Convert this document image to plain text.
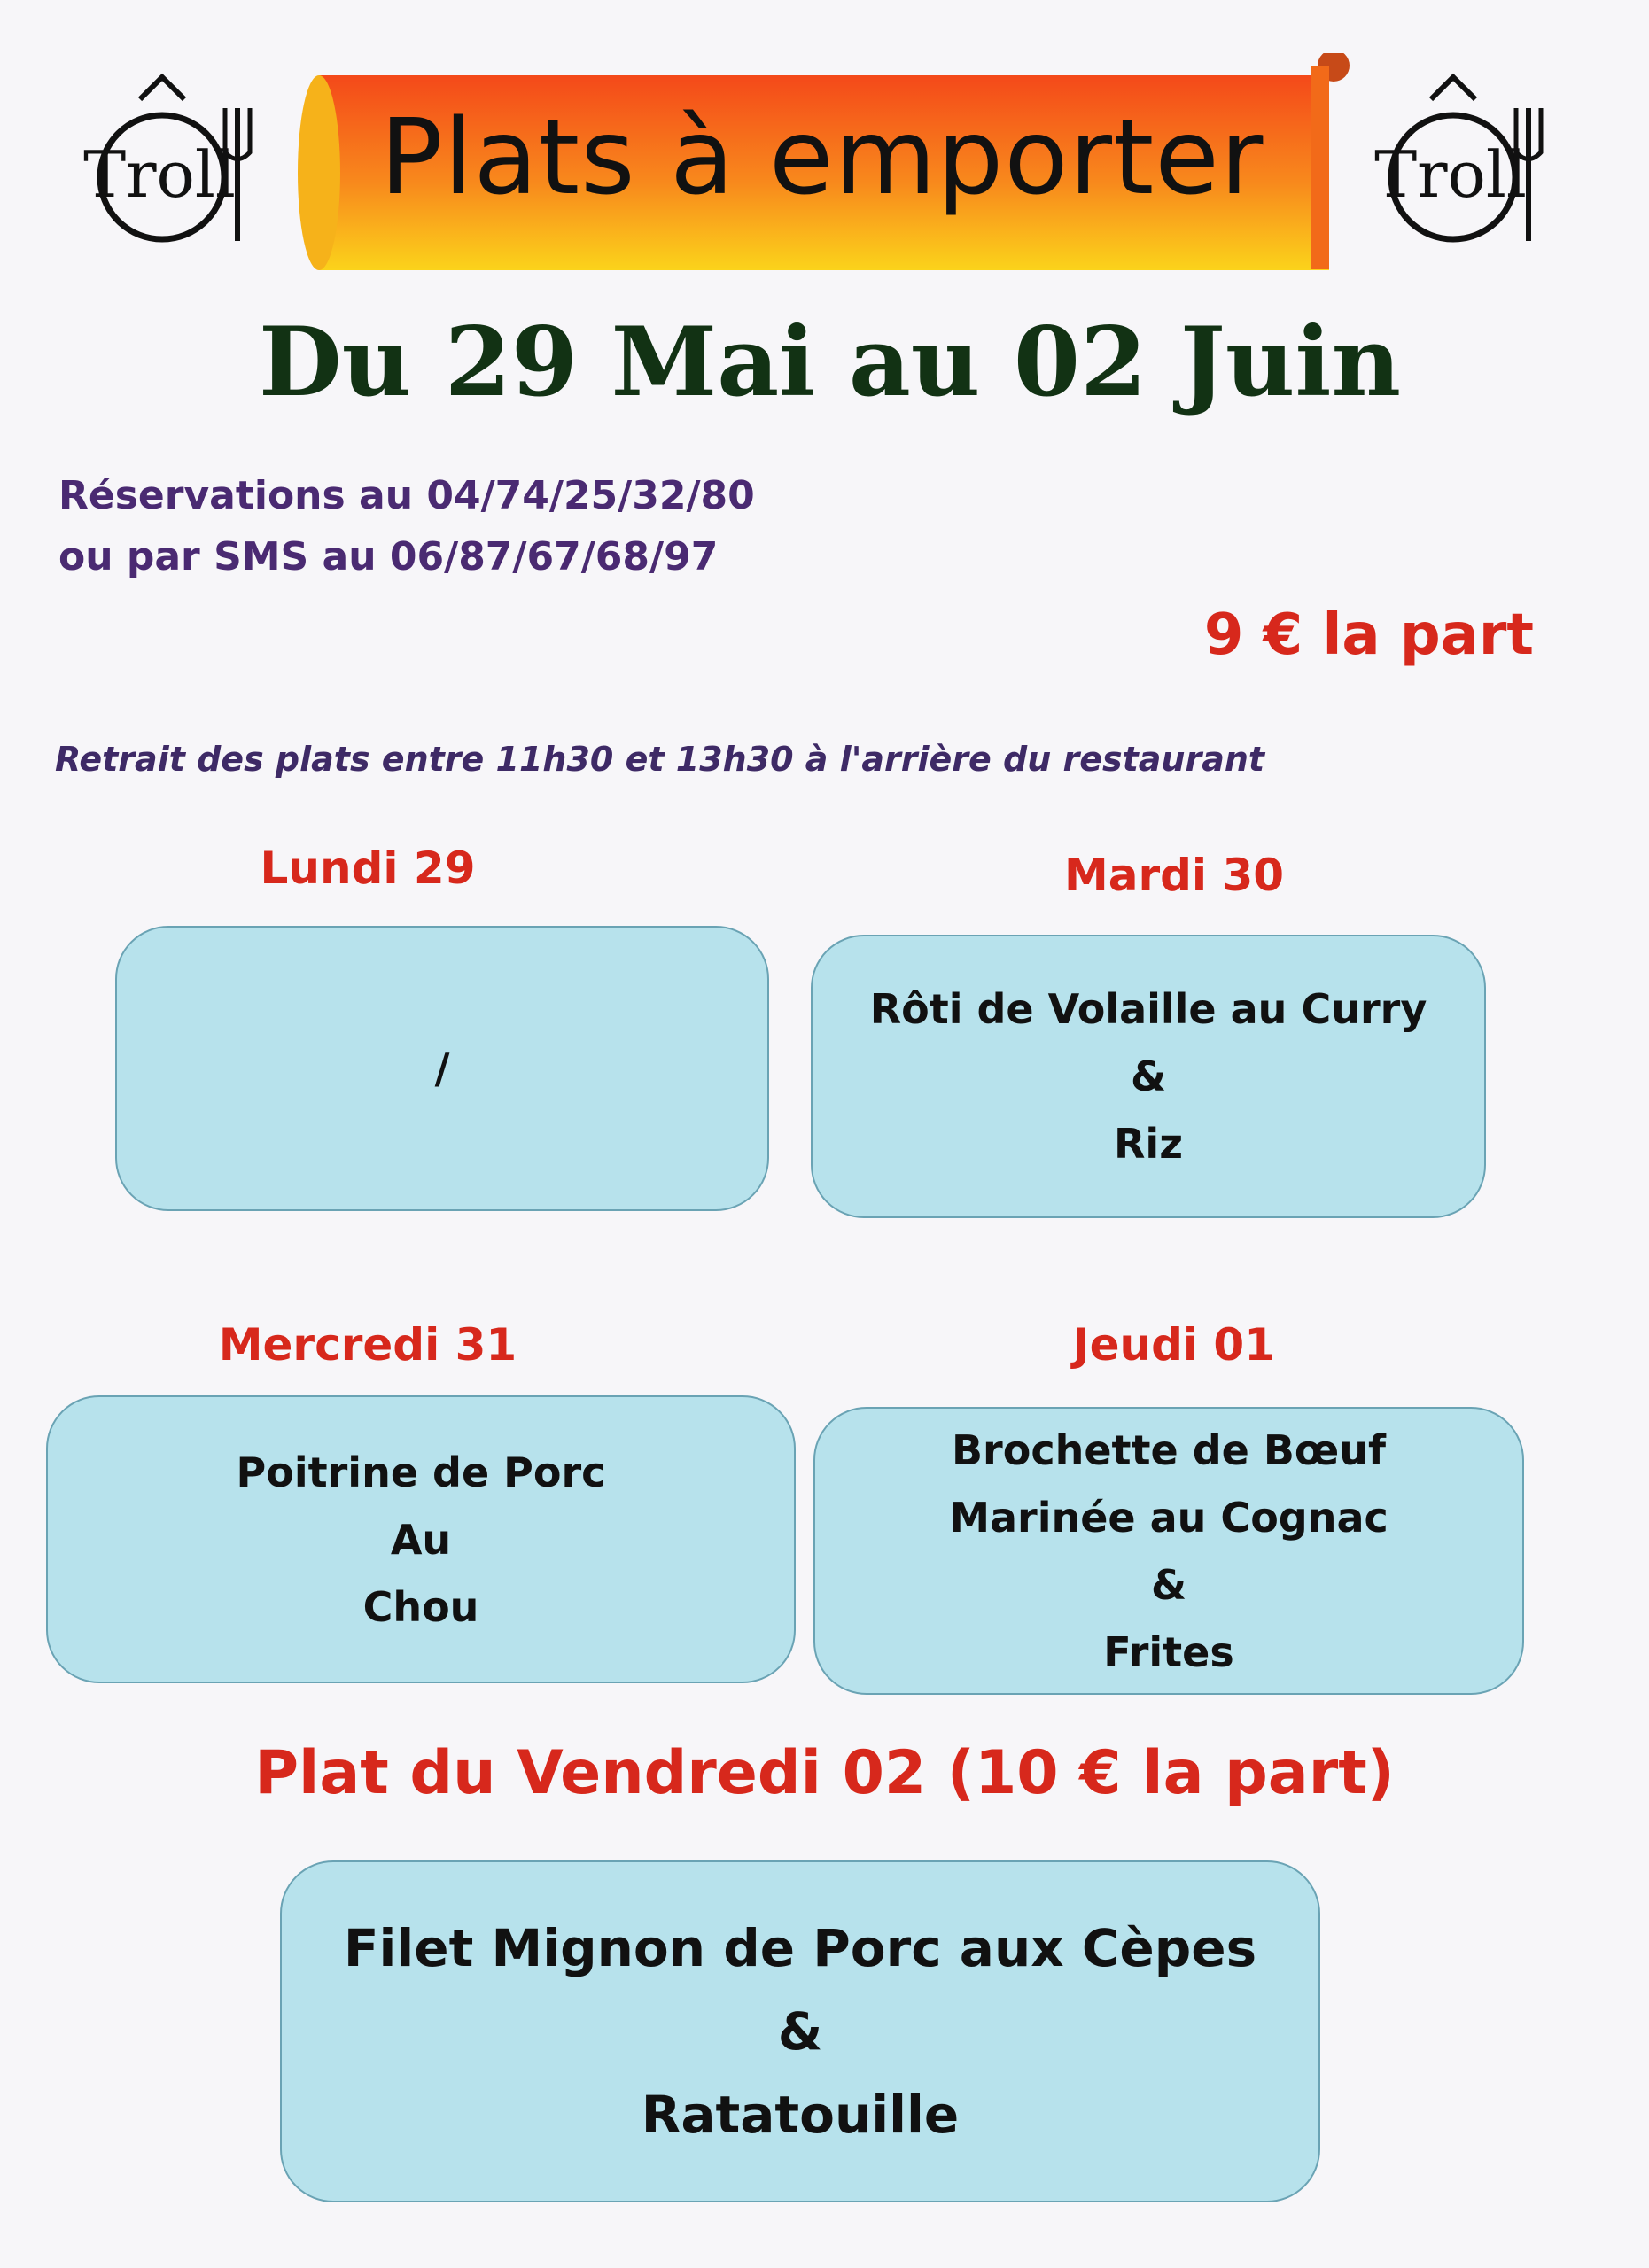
Troll	Troll
Plats à emporter
Du 29 Mai au 02 Juin
Réservations au 04/74/25/32/80
ou par SMS au 06/87/67/68/97
9 € la part
Retrait des plats entre 11h30 et 13h30 à l'arrière du restaurant
Lundi 29
/
Mardi 30
Rôti de Volaille au Curry
&
Riz
Mercredi 31
Poitrine de Porc
Au
Chou
Jeudi 01
Brochette de Bœuf
Marinée au Cognac
&
Frites
Plat du Vendredi 02 (10 € la part)
Filet Mignon de Porc aux Cèpes
&
Ratatouille
